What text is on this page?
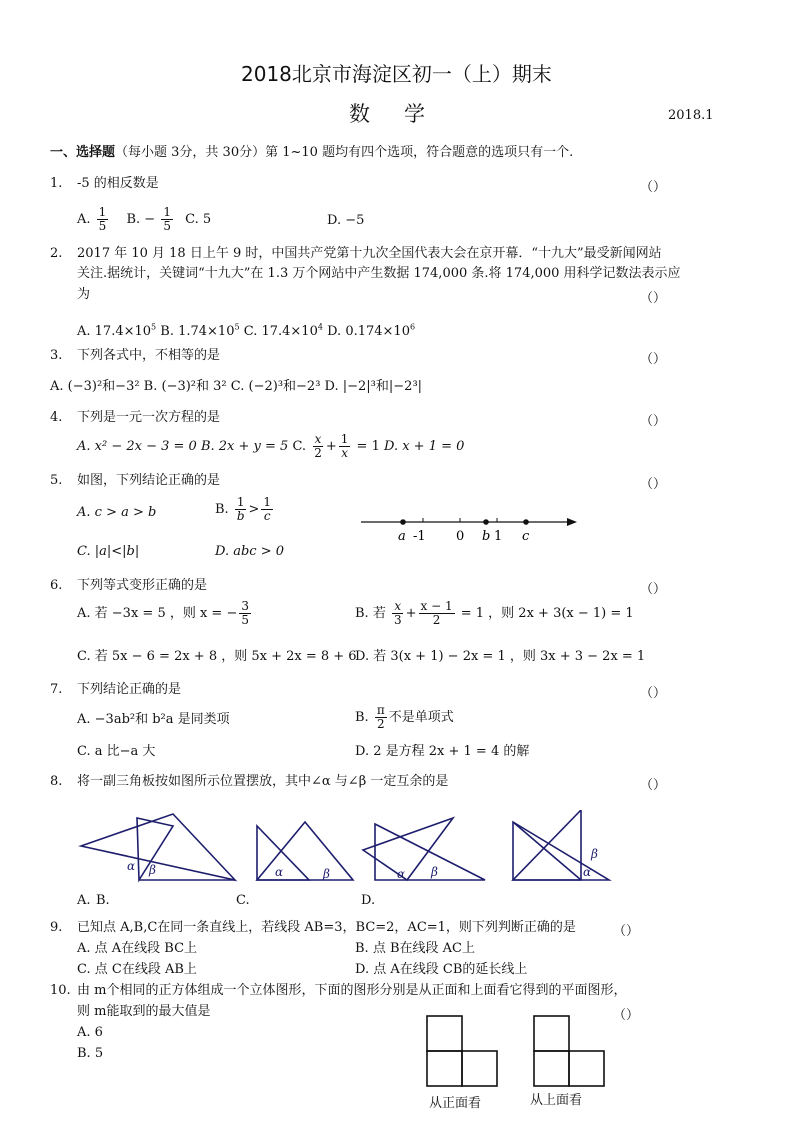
2018北京市海淀区初一（上）期末
数学	2018.1
一、选择题（每小题 3分，共 30分）第 1~10 题均有四个选项，符合题意的选项只有一个.
1. -5 的相反数是	（）
A. $\frac{1}{5} B$. − $\frac{1}{5} C$. 5	D. −5
2. 2017 年 10 月 18 日上午 9 时，中国共产党第十九次全国代表大会在京开幕．“十九大”最受新闻网站
关注.据统计，关键词“十九大”在 1.3 万个网站中产生数据 174,000 条.将 174,000 用科学记数法表示应
为	（）
A. $17.4\times 10^5$ B. $1.74\times 10^5$ C. $17.4\times 10^4$ D. $0.174\times 10^6$
3. 下列各式中，不相等的是	（）
A. (−3)²和−3² B. (−3)²和 3² C. (−2)³和−2³ D. |−2|³和|−2³|
4. 下列是一元一次方程的是	（）
A. x² − 2x − 3 = 0 B. 2x + y = 5 C. $\frac{x}{2} + \frac{1}{x} = 1$ D. x + 1 = 0
5. 如图，下列结论正确的是	（）
A. c > a > b	B. $\frac{1}{b} > \frac{1}{c}$
C. |a|<|b|	D. abc > 0
a -1 0 b 1 c
6. 下列等式变形正确的是	（）
A. 若 −3x = 5 ，则 x = − $\frac{3}{5}$	B. 若 $\frac{x}{3} + \frac{x - 1}{2} = 1$ ，则 2x + 3(x − 1) = 1
C. 若 5x − 6 = 2x + 8 ，则 5x + 2x = 8 + 6
D. 若 3(x + 1) − 2x = 1 ，则 3x + 3 − 2x = 1
7. 下列结论正确的是	（）
A. −3ab²和 b²a 是同类项	B. $\frac{\pi}{2}$ 不是单项式
C. a 比−a 大	D. 2 是方程 2x + 1 = 4 的解
8. 将一副三角板按如图所示位置摆放，其中∠α 与∠β 一定互余的是	（）
α β	α	β	α β	α
β
A. B.	C.	D.
9. 已知点 A,B,C在同一条直线上，若线段 AB=3，BC=2，AC=1，则下列判断正确的是	（）
A. 点 A在线段 BC上	B. 点 B在线段 AC上
C. 点 C在线段 AB上	D. 点 A在线段 CB的延长线上
10. 由 m个相同的正方体组成一个立体图形，下面的图形分别是从正面和上面看它得到的平面图形，
则 m能取到的最大值是	（）
A. 6
B. 5
从正面看	从上面看
